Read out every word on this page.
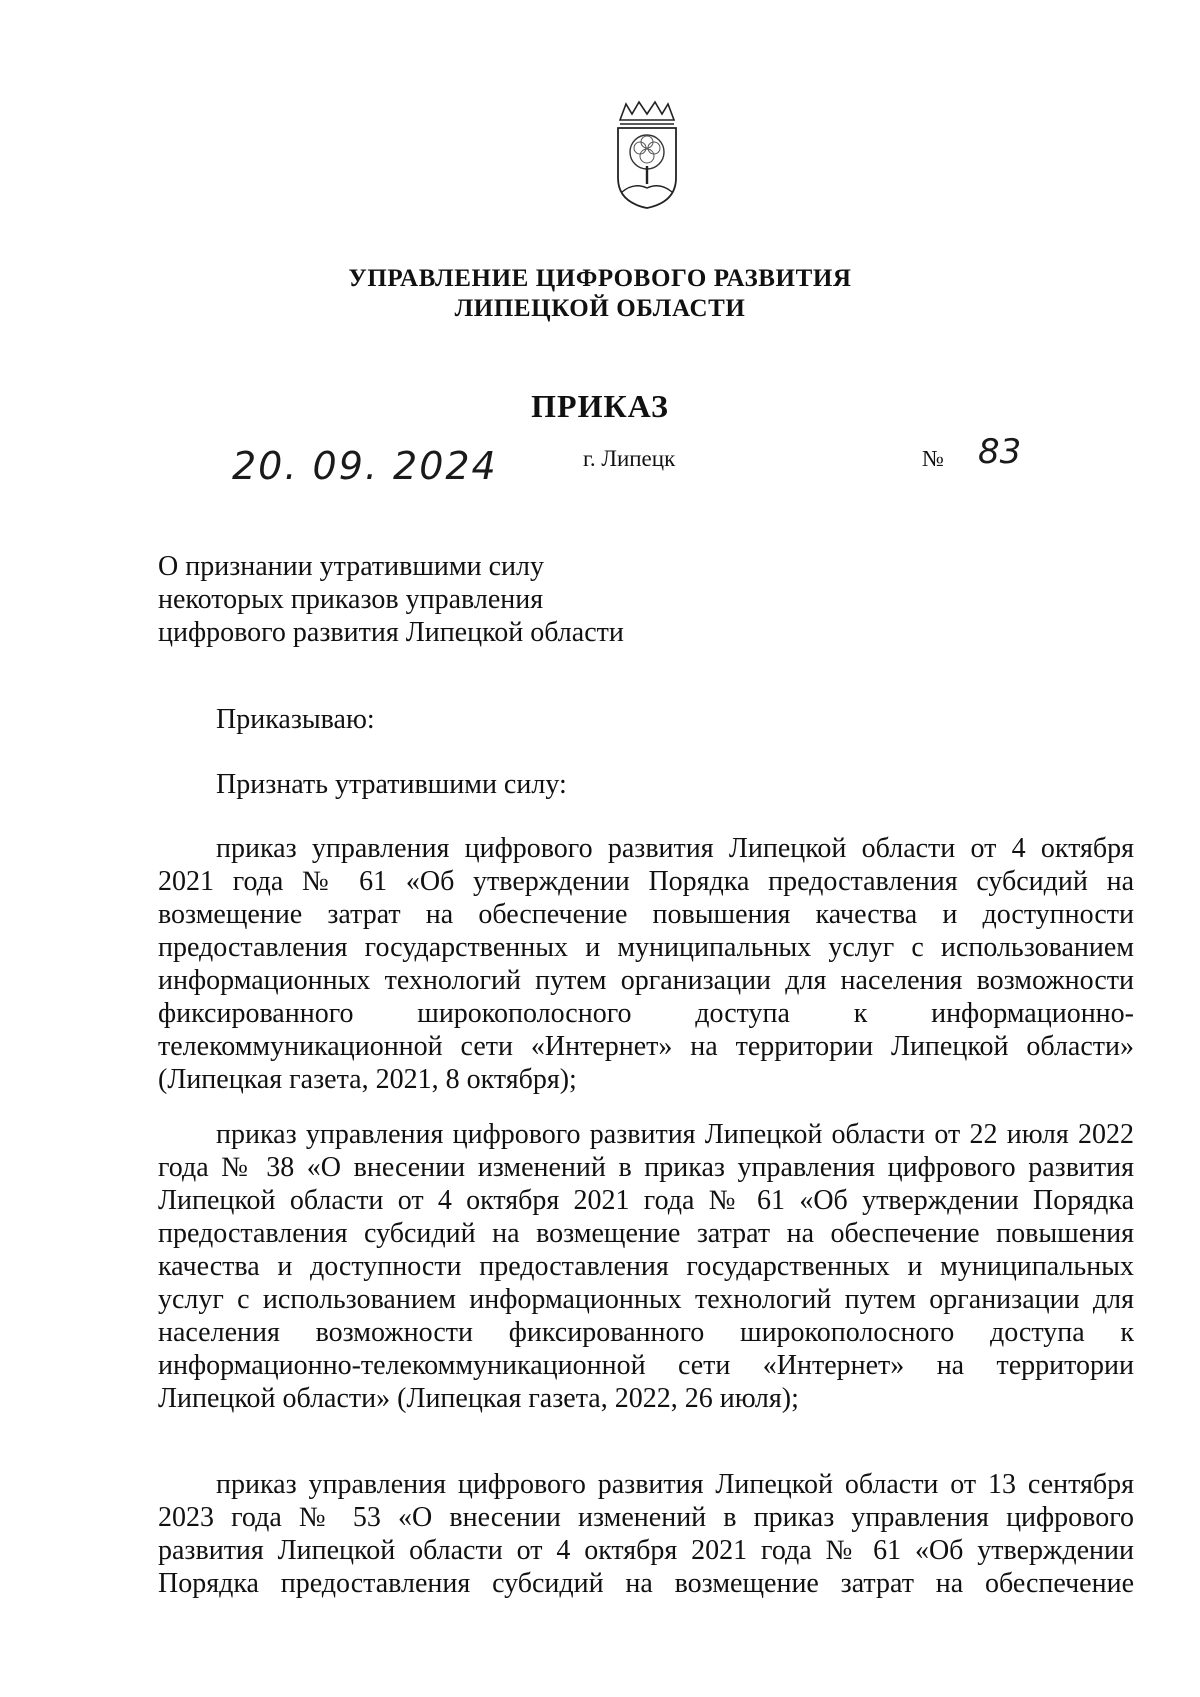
УПРАВЛЕНИЕ ЦИФРОВОГО РАЗВИТИЯ
ЛИПЕЦКОЙ ОБЛАСТИ
ПРИКАЗ
20. 09. 2024	г. Липецк	№ 83
О признании утратившими силу
некоторых приказов управления
цифрового развития Липецкой области
Приказываю:
Признать утратившими силу:
приказ управления цифрового развития Липецкой области от 4 октября
2021 года № 61 «Об утверждении Порядка предоставления субсидий на
возмещение затрат на обеспечение повышения качества и доступности
предоставления государственных и муниципальных услуг с использованием
информационных технологий путем организации для населения возможности
фиксированного широкополосного доступа к информационно-
телекоммуникационной сети «Интернет» на территории Липецкой области»
(Липецкая газета, 2021, 8 октября);
приказ управления цифрового развития Липецкой области от 22 июля 2022
года № 38 «О внесении изменений в приказ управления цифрового развития
Липецкой области от 4 октября 2021 года № 61 «Об утверждении Порядка
предоставления субсидий на возмещение затрат на обеспечение повышения
качества и доступности предоставления государственных и муниципальных
услуг с использованием информационных технологий путем организации для
населения возможности фиксированного широкополосного доступа к
информационно-телекоммуникационной сети «Интернет» на территории
Липецкой области» (Липецкая газета, 2022, 26 июля);
приказ управления цифрового развития Липецкой области от 13 сентября
2023 года № 53 «О внесении изменений в приказ управления цифрового
развития Липецкой области от 4 октября 2021 года № 61 «Об утверждении
Порядка предоставления субсидий на возмещение затрат на обеспечение
